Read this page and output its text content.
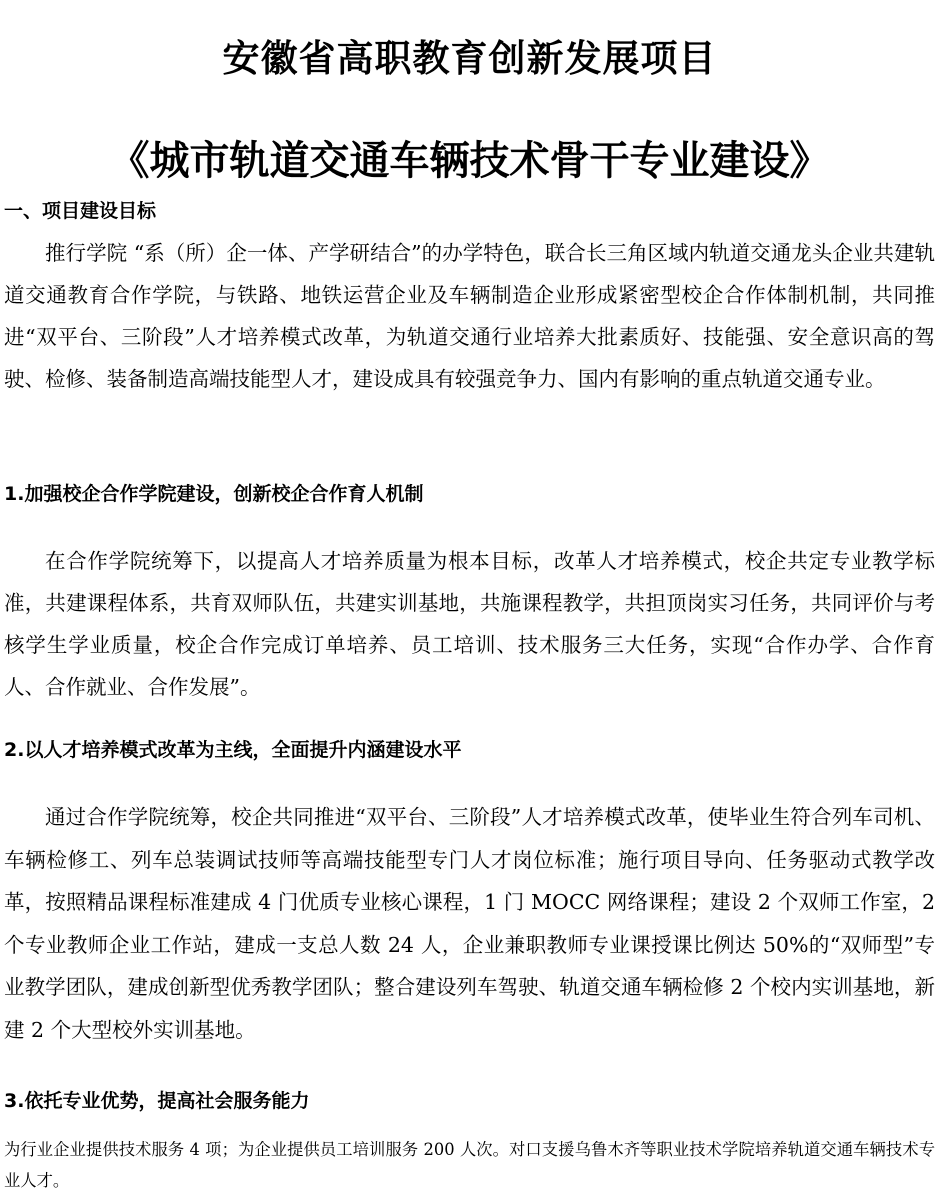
安徽省高职教育创新发展项目
《城市轨道交通车辆技术骨干专业建设》
一、项目建设目标

推行学院 “系（所）企一体、产学研结合”的办学特色，联合长三角区域内轨道交通龙头企业共建轨道交通教育合作学院，与铁路、地铁运营企业及车辆制造企业形成紧密型校企合作体制机制，共同推进“双平台、三阶段”人才培养模式改革，为轨道交通行业培养大批素质好、技能强、安全意识高的驾驶、检修、装备制造高端技能型人才，建设成具有较强竞争力、国内有影响的重点轨道交通专业。

1.加强校企合作学院建设，创新校企合作育人机制

在合作学院统筹下，以提高人才培养质量为根本目标，改革人才培养模式，校企共定专业教学标准，共建课程体系，共育双师队伍，共建实训基地，共施课程教学，共担顶岗实习任务，共同评价与考核学生学业质量，校企合作完成订单培养、员工培训、技术服务三大任务，实现“合作办学、合作育人、合作就业、合作发展”。

2.以人才培养模式改革为主线，全面提升内涵建设水平

通过合作学院统筹，校企共同推进“双平台、三阶段”人才培养模式改革，使毕业生符合列车司机、车辆检修工、列车总装调试技师等高端技能型专门人才岗位标准；施行项目导向、任务驱动式教学改革，按照精品课程标准建成 4 门优质专业核心课程，1 门 MOCC 网络课程；建设 2 个双师工作室，2 个专业教师企业工作站，建成一支总人数 24 人，企业兼职教师专业课授课比例达 50%的“双师型”专业教学团队，建成创新型优秀教学团队；整合建设列车驾驶、轨道交通车辆检修 2 个校内实训基地，新建 2 个大型校外实训基地。

3.依托专业优势，提高社会服务能力

为行业企业提供技术服务 4 项；为企业提供员工培训服务 200 人次。对口支援乌鲁木齐等职业技术学院培养轨道交通车辆技术专业人才。
